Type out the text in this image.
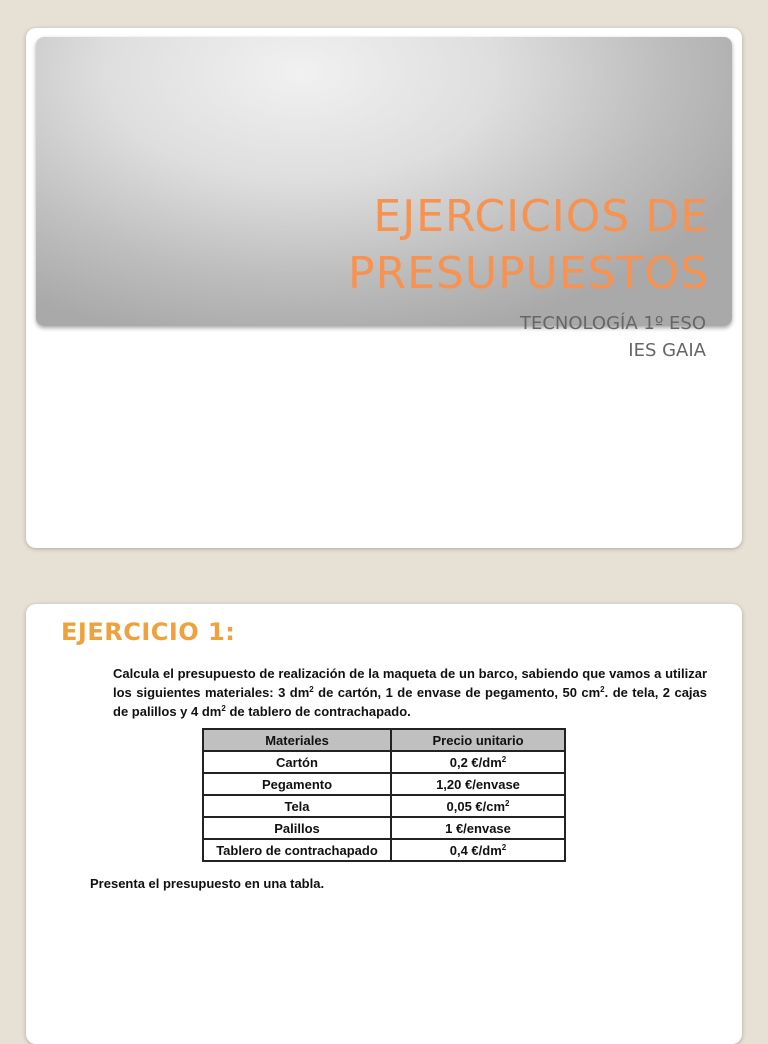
EJERCICIOS DE
PRESUPUESTOS
TECNOLOGÍA 1º ESO
IES GAIA
EJERCICIO 1:

Calcula el presupuesto de realización de la maqueta de un barco, sabiendo que vamos a utilizar los siguientes materiales: 3 $dm^2$ de cartón, 1 de envase de pegamento, 50 $cm^2$. de tela, 2 cajas de palillos y 4 $dm^2$ de tablero de contrachapado.

Materiales	Precio unitario
Cartón	0,2 $€/dm^2$
Pegamento	1,20 €/envase
Tela	0,05 $€/cm^2$
Palillos	1 €/envase
Tablero de contrachapado	0,4 $€/dm^2$

Presenta el presupuesto en una tabla.
